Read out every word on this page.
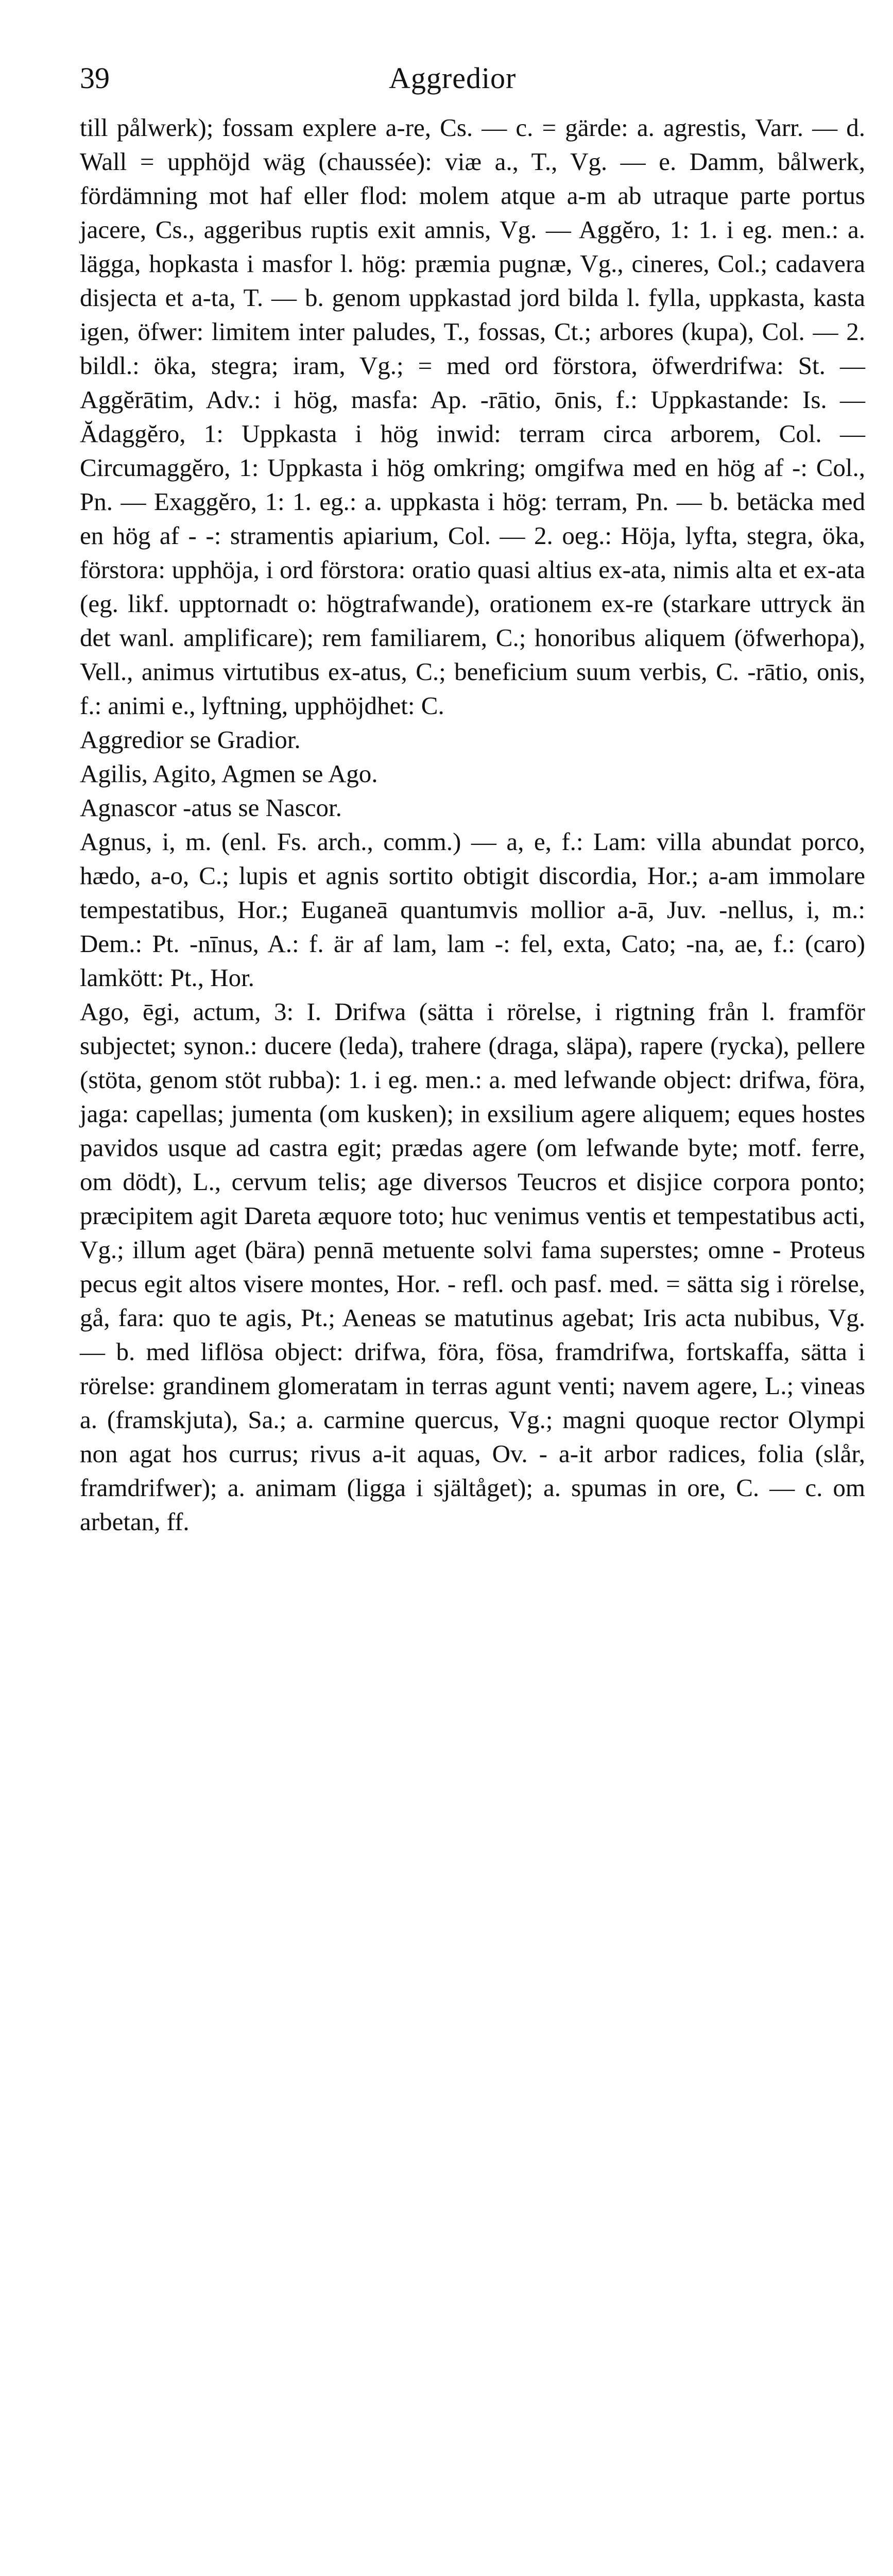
39	Aggredior

till pålwerk); fossam explere a-re, Cs. — c. = gärde: a. agrestis, Varr. — d. Wall = upphöjd wäg (chaussée): viæ a., T., Vg. — e. Damm, bålwerk, fördämning mot haf eller flod: molem atque a-m ab utraque parte portus jacere, Cs., aggeribus ruptis exit amnis, Vg. — Aggĕro, 1: 1. i eg. men.: a. lägga, hopkasta i masfor l. hög: præmia pugnæ, Vg., cineres, Col.; cadavera disjecta et a-ta, T. — b. genom uppkastad jord bilda l. fylla, uppkasta, kasta igen, öfwer: limitem inter paludes, T., fossas, Ct.; arbores (kupa), Col. — 2. bildl.: öka, stegra; iram, Vg.; = med ord förstora, öfwerdrifwa: St. — Aggĕrātim, Adv.: i hög, masfa: Ap. -rātio, ōnis, f.: Uppkastande: Is. — Ădaggĕro, 1: Uppkasta i hög inwid: terram circa arborem, Col. — Circumaggĕro, 1: Uppkasta i hög omkring; omgifwa med en hög af -: Col., Pn. — Exaggĕro, 1: 1. eg.: a. uppkasta i hög: terram, Pn. — b. betäcka med en hög af - -: stramentis apiarium, Col. — 2. oeg.: Höja, lyfta, stegra, öka, förstora: upphöja, i ord förstora: oratio quasi altius ex-ata, nimis alta et ex-ata (eg. likf. upptornadt o: högtrafwande), orationem ex-re (starkare uttryck än det wanl. amplificare); rem familiarem, C.; honoribus aliquem (öfwerhopa), Vell., animus virtutibus ex-atus, C.; beneficium suum verbis, C. -rātio, onis, f.: animi e., lyftning, upphöjdhet: C.

Aggredior se Gradior.

Agilis, Agito, Agmen se Ago.

Agnascor -atus se Nascor.

Agnus, i, m. (enl. Fs. arch., comm.) — a, e, f.: Lam: villa abundat porco, hædo, a-o, C.; lupis et agnis sortito obtigit discordia, Hor.; a-am immolare tempestatibus, Hor.; Euganeā quantumvis mollior a-ā, Juv. -nellus, i, m.: Dem.: Pt. -nīnus, A.: f. är af lam, lam -: fel, exta, Cato; -na, ae, f.: (caro) lamkött: Pt., Hor.

Ago, ēgi, actum, 3: I. Drifwa (sätta i rörelse, i rigtning från l. framför subjectet; synon.: ducere (leda), trahere (draga, släpa), rapere (rycka), pellere (stöta, genom stöt rubba): 1. i eg. men.: a. med lefwande object: drifwa, föra, jaga: capellas; jumenta (om kusken); in exsilium agere aliquem; eques hostes pavidos usque ad castra egit; prædas agere (om lefwande byte; motf. ferre, om dödt), L., cervum telis; age diversos Teucros et disjice corpora ponto; præcipitem agit Dareta æquore toto; huc venimus ventis et tempestatibus acti, Vg.; illum aget (bära) pennā metuente solvi fama superstes; omne - Proteus pecus egit altos visere montes, Hor. - refl. och pasf. med. = sätta sig i rörelse, gå, fara: quo te agis, Pt.; Aeneas se matutinus agebat; Iris acta nubibus, Vg. — b. med liflösa object: drifwa, föra, fösa, framdrifwa, fortskaffa, sätta i rörelse: grandinem glomeratam in terras agunt venti; navem agere, L.; vineas a. (framskjuta), Sa.; a. carmine quercus, Vg.; magni quoque rector Olympi non agat hos currus; rivus a-it aquas, Ov. - a-it arbor radices, folia (slår, framdrifwer); a. animam (ligga i själtåget); a. spumas in ore, C. — c. om arbetan, ff.
